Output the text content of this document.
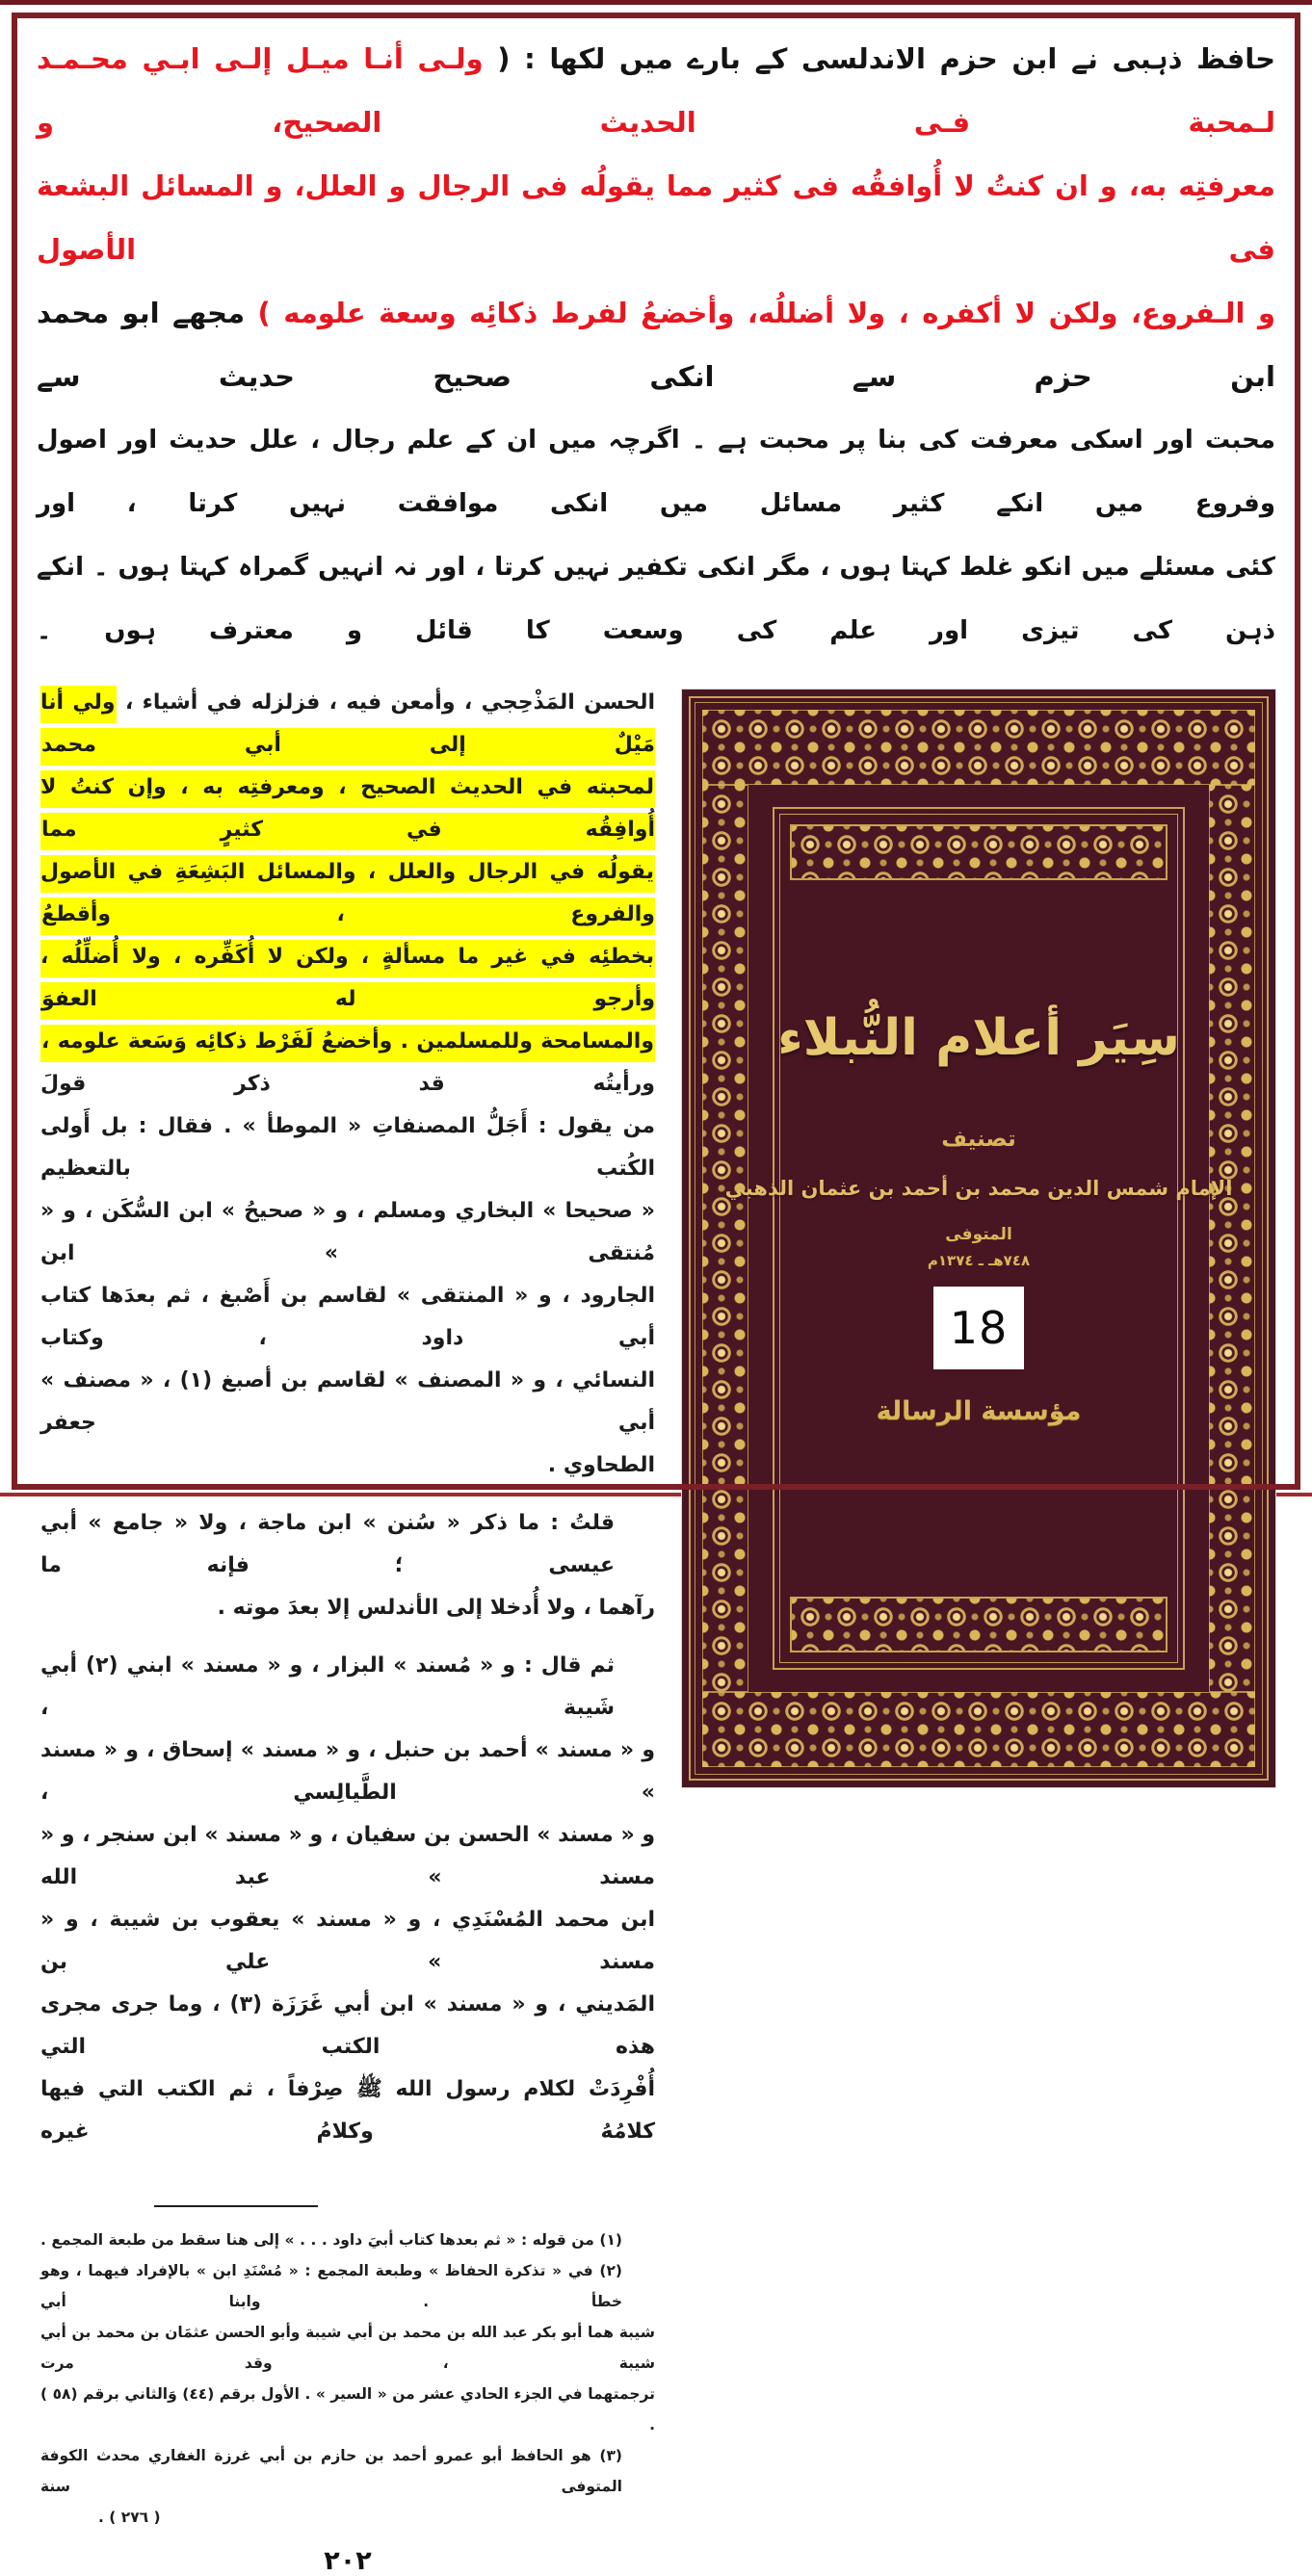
حافظ ذہبی نے ابن حزم الاندلسی کے بارے میں لکھا : ( ولـی أنـا میـل إلـی ابـي محـمـد لـمحبة فـی الحدیث الصحیح، و
معرفتِه به، و ان كنتُ لا أُوافقُه فى كثير مما يقولُه فى الرجال و العلل، و المسائل البشعة فى الأصول
و الـفروع، ولكن لا أكفره ، ولا أضللُه، وأخضعُ لفرط ذكائِه وسعة علومه ) مجھے ابو محمد ابن حزم سے انکی صحیح حدیث سے
محبت اور اسکی معرفت کی بنا پر محبت ہے ۔ اگرچہ میں ان کے علم رجال ، علل حدیث اور اصول وفروع میں انکے کثیر مسائل میں انکی موافقت نہیں کرتا ، اور
کئی مسئلے میں انکو غلط کہتا ہوں ، مگر انکی تکفیر نہیں کرتا ، اور نہ انہیں گمراہ کہتا ہوں ۔ انکے ذہن کی تیزی اور علم کی وسعت کا قائل و معترف ہوں ۔
الحسن المَذْحِجي ، وأمعن فيه ، فزلزله في أشياء ، ولي أنا مَيْلٌ إلى أبي محمد
لمحبته في الحديث الصحيح ، ومعرفتِه به ، وإن كنتُ لا أُوافِقُه في كثيرٍ مما
يقولُه في الرجال والعلل ، والمسائل البَشِعَةِ في الأصول والفروع ، وأقطعُ
بخطئِه في غير ما مسألةٍ ، ولكن لا أُكَفِّره ، ولا أُضلِّلُه ، وأرجو له العفوَ
والمسامحة وللمسلمين . وأخضعُ لَفَرْط ذكائِه وَسَعة علومه ، ورأيتُه قد ذكر قولَ
من يقول : أَجَلُّ المصنفاتِ « الموطأ » . فقال : بل أَولى الكُتب بالتعظيم
« صحيحا » البخاري ومسلم ، و « صحيحُ » ابن السُّكَن ، و « مُنتقى » ابن
الجارود ، و « المنتقى » لقاسم بن أَصْبغ ، ثم بعدَها كتاب أبي داود ، وكتاب
النسائي ، و « المصنف » لقاسم بن أصبغ (١) ، « مصنف » أبي جعفر
الطحاوي .
قلتُ : ما ذكر « سُنن » ابن ماجة ، ولا « جامع » أبي عيسى ؛ فإنه ما
رآهما ، ولا أُدخلا إلى الأندلس إلا بعدَ موته .
ثم قال : و « مُسند » البزار ، و « مسند » ابني (٢) أبي شَيبة ،
و « مسند » أحمد بن حنبل ، و « مسند » إسحاق ، و « مسند » الطَّيالِسي ،
و « مسند » الحسن بن سفيان ، و « مسند » ابن سنجر ، و « مسند » عبد الله
ابن محمد المُسْنَدِي ، و « مسند » يعقوب بن شيبة ، و « مسند » علي بن
المَديني ، و « مسند » ابن أبي غَرَزَة (٣) ، وما جرى مجرى هذه الكتب التي
أُفْرِدَتْ لكلام رسول الله ﷺ صِرْفاً ، ثم الكتب التي فيها كلامُهُ وكلامُ غيره
(١) من قوله : « ثم بعدها كتاب أبيَ داود . . . » إلى هنا سقط من طبعة المجمع .
(٢) في « تذكرة الحفاظ » وطبعة المجمع : « مُسْنَدِ ابن » بالإفراد فيهما ، وهو خطأ . وابنا أبي
شيبة هما أبو بكر عبد الله بن محمد بن أبي شيبة وأبو الحسن عثمَان بن محمد بن أبي شيبة ، وقد مرت
ترجمتهما في الجزء الحادي عشر من « السير » . الأول برقم (٤٤) وَالثاني برقم (٥٨ ) .
(٣) هو الحافظ أبو عمرو أحمد بن حازم بن أبي غرزة الغفاري محدث الكوفة المتوفى سنة
( ٢٧٦ ) .
٢٠٢
سِيَر أعلام النُّبلاء
تصنيف
الإمام شمس الدين محمد بن أحمد بن عثمان الذهبي
المتوفى
٧٤٨هـ ـ ١٣٧٤م
18
مؤسسة الرسالة
